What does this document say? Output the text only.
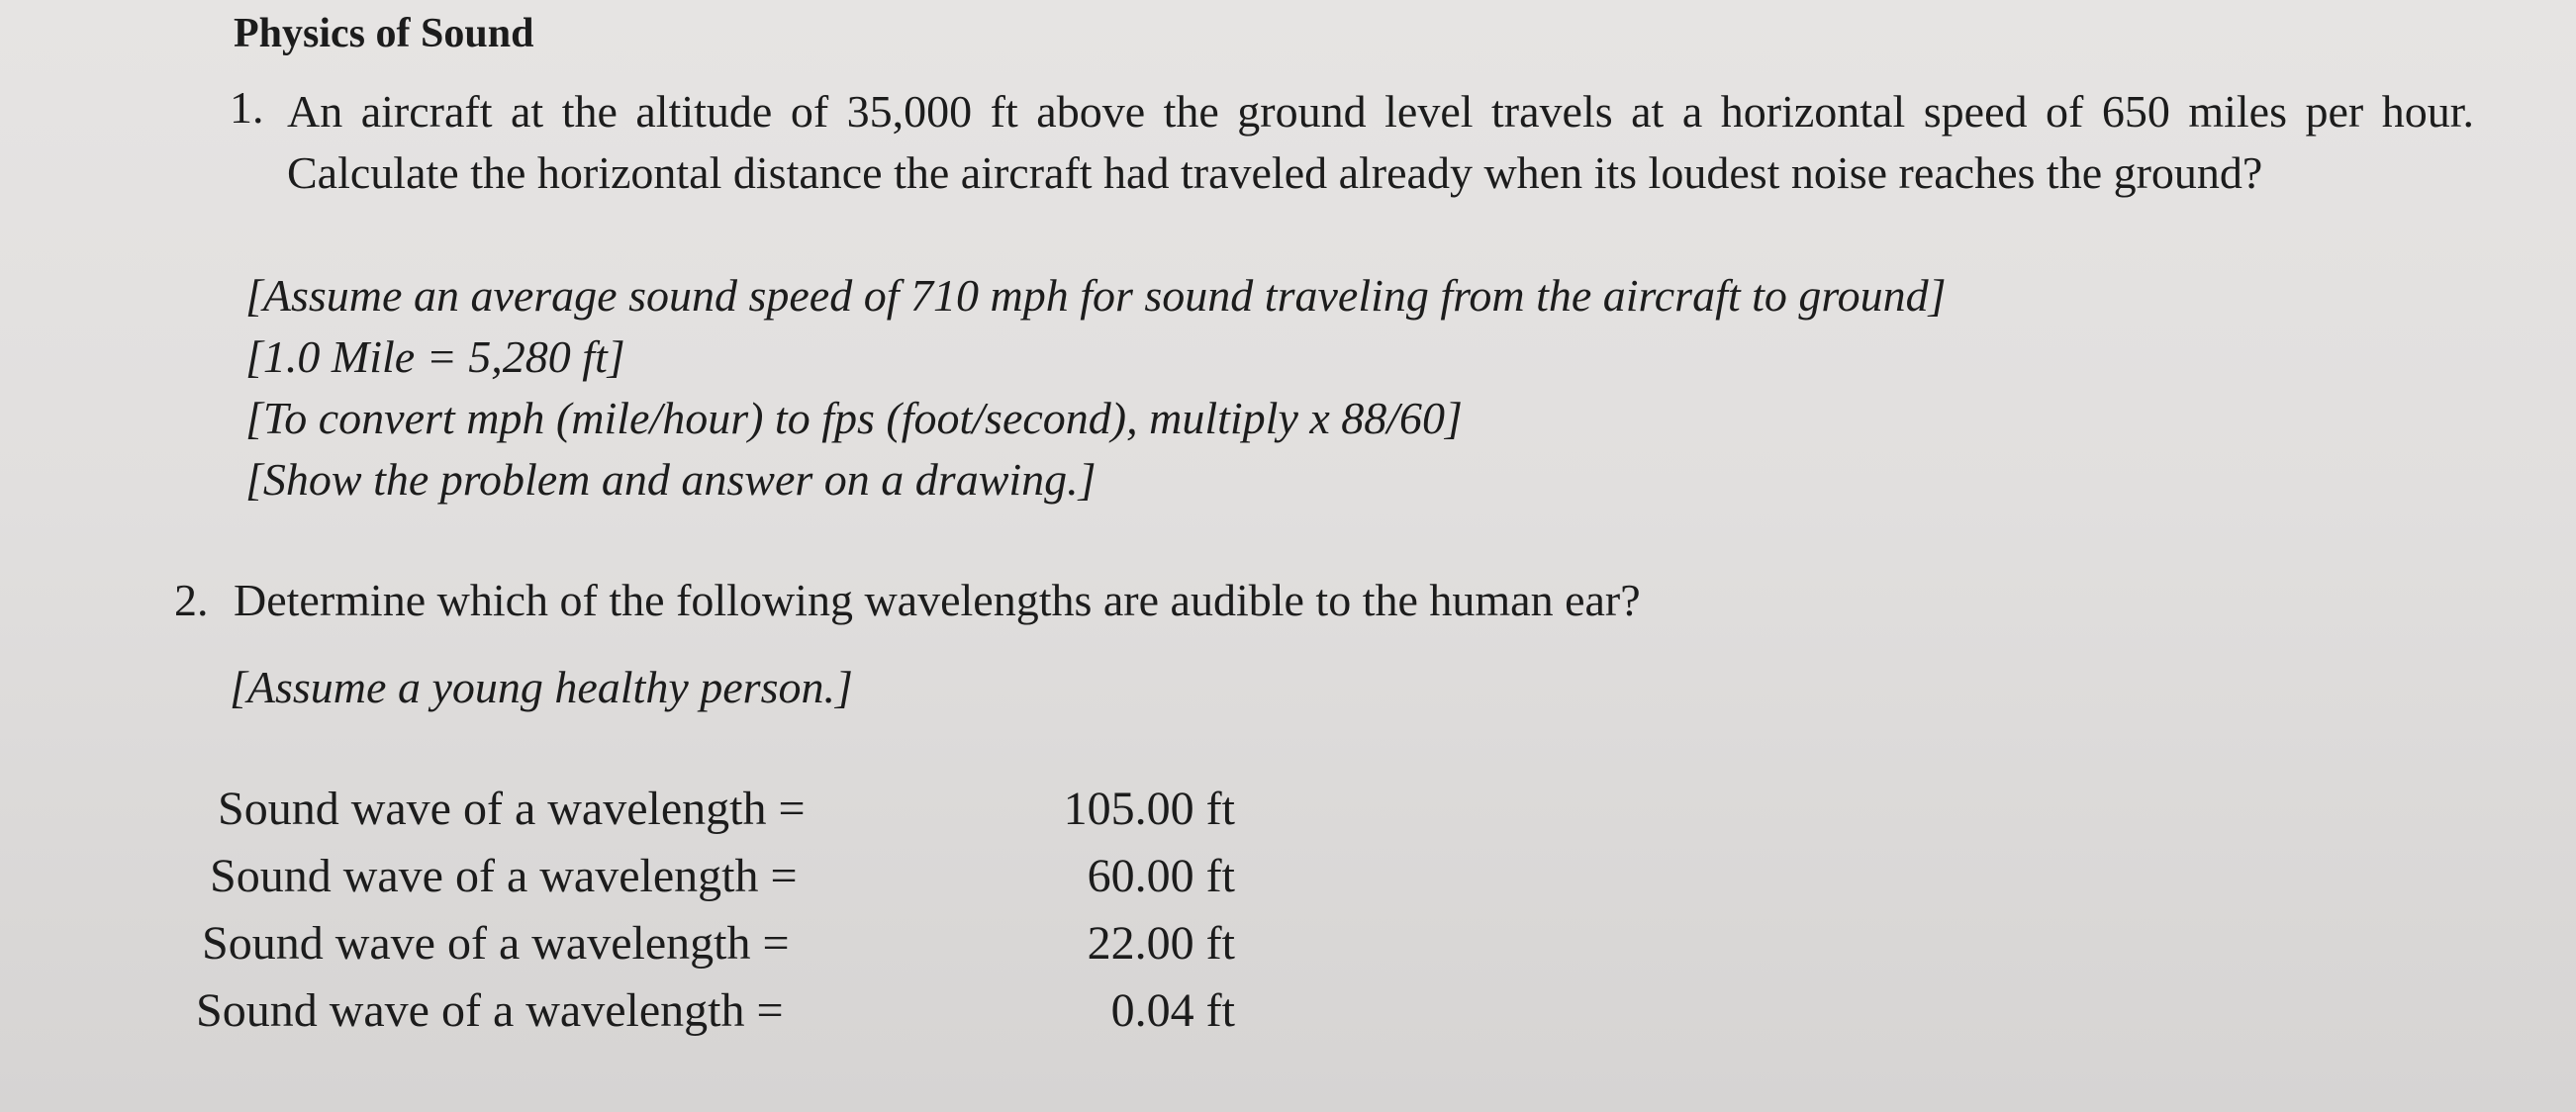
Physics of Sound
1. An aircraft at the altitude of 35,000 ft above the ground level travels at a horizontal speed of 650 miles per hour. Calculate the horizontal distance the aircraft had traveled already when its loudest noise reaches the ground?
[Assume an average sound speed of 710 mph for sound traveling from the aircraft to ground]
[1.0 Mile = 5,280 ft]
[To convert mph (mile/hour) to fps (foot/second), multiply x 88/60]
[Show the problem and answer on a drawing.]
2. Determine which of the following wavelengths are audible to the human ear?
[Assume a young healthy person.]
Sound wave of a wavelength =	105.00 ft
Sound wave of a wavelength =	60.00 ft
Sound wave of a wavelength =	22.00 ft
Sound wave of a wavelength =	0.04 ft
